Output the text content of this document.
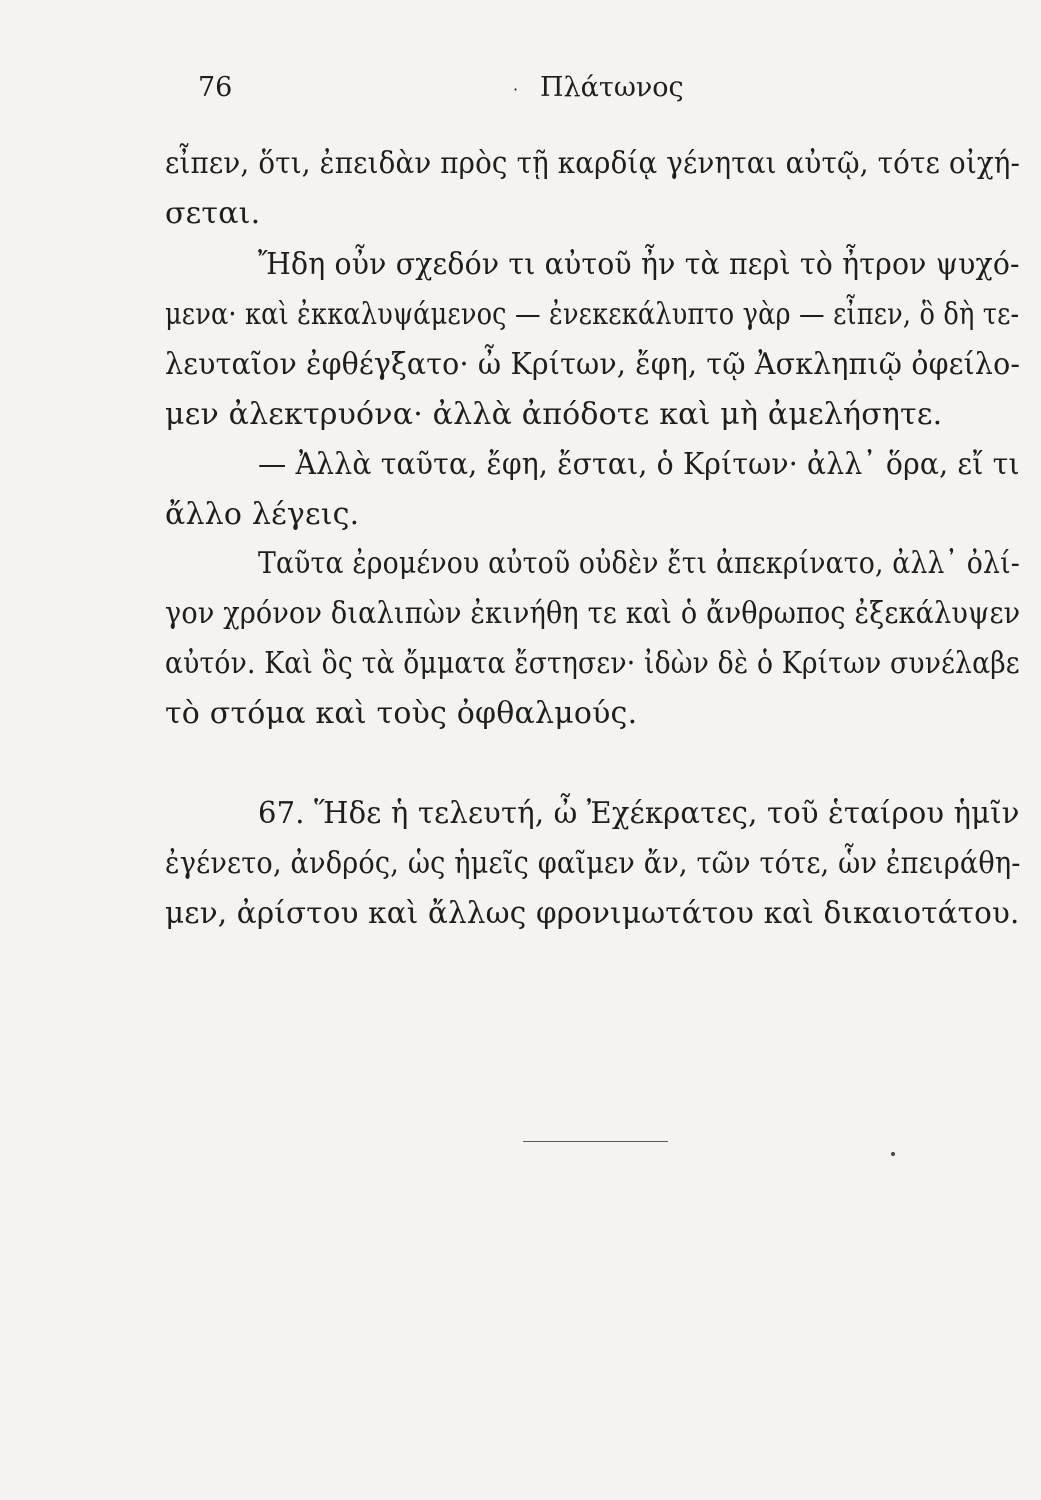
76	· Πλάτωνος
εἶπεν, ὅτι, ἐπειδὰν πρὸς τῇ καρδίᾳ γένηται αὐτῷ, τότε οἰχή-
σεται.
Ἤδη οὖν σχεδόν τι αὐτοῦ ἦν τὰ περὶ τὸ ἦτρον ψυχό-
μενα· καὶ ἐκκαλυψάμενος — ἐνεκεκάλυπτο γὰρ — εἶπεν, ὃ δὴ τε-
λευταῖον ἐφθέγξατο· ὦ Κρίτων, ἔφη, τῷ Ἀσκληπιῷ ὀφείλο-
μεν ἀλεκτρυόνα· ἀλλὰ ἀπόδοτε καὶ μὴ ἀμελήσητε.
— Ἀλλὰ ταῦτα, ἔφη, ἔσται, ὁ Κρίτων· ἀλλ᾽ ὅρα, εἴ τι
ἄλλο λέγεις.
Ταῦτα ἐρομένου αὐτοῦ οὐδὲν ἔτι ἀπεκρίνατο, ἀλλ᾽ ὀλί-
γον χρόνον διαλιπὼν ἐκινήθη τε καὶ ὁ ἄνθρωπος ἐξεκάλυψεν
αὐτόν. Καὶ ὃς τὰ ὄμματα ἔστησεν· ἰδὼν δὲ ὁ Κρίτων συνέλαβε
τὸ στόμα καὶ τοὺς ὀφθαλμούς.
67. Ἥδε ἡ τελευτή, ὦ Ἐχέκρατες, τοῦ ἑταίρου ἡμῖν
ἐγένετο, ἀνδρός, ὡς ἡμεῖς φαῖμεν ἄν, τῶν τότε, ὧν ἐπειράθη-
μεν, ἀρίστου καὶ ἄλλως φρονιμωτάτου καὶ δικαιοτάτου.
